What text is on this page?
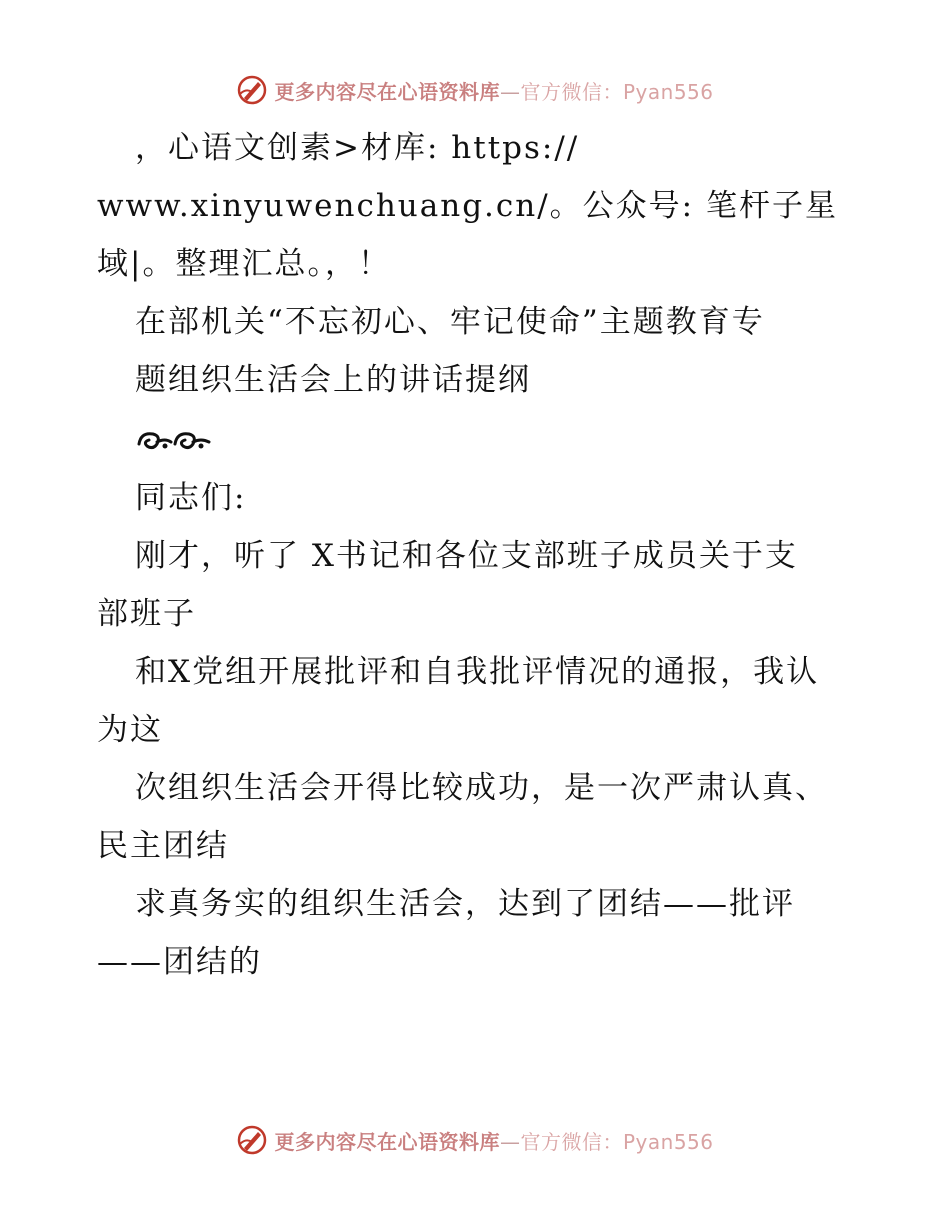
更多内容尽在心语资料库—官方微信：Pyan556
，心语文创素>材库: https://
www.xinyuwenchuang.cn/。公众号: 笔杆子星
域|。整理汇总。，！
在部机关“不忘初心、牢记使命”主题教育专
题组织生活会上的讲话提纲
同志们:
刚才，听了 X书记和各位支部班子成员关于支
部班子
和X党组开展批评和自我批评情况的通报，我认
为这
次组织生活会开得比较成功，是一次严肃认真、
民主团结
求真务实的组织生活会，达到了团结——批评
——团结的
更多内容尽在心语资料库—官方微信：Pyan556
